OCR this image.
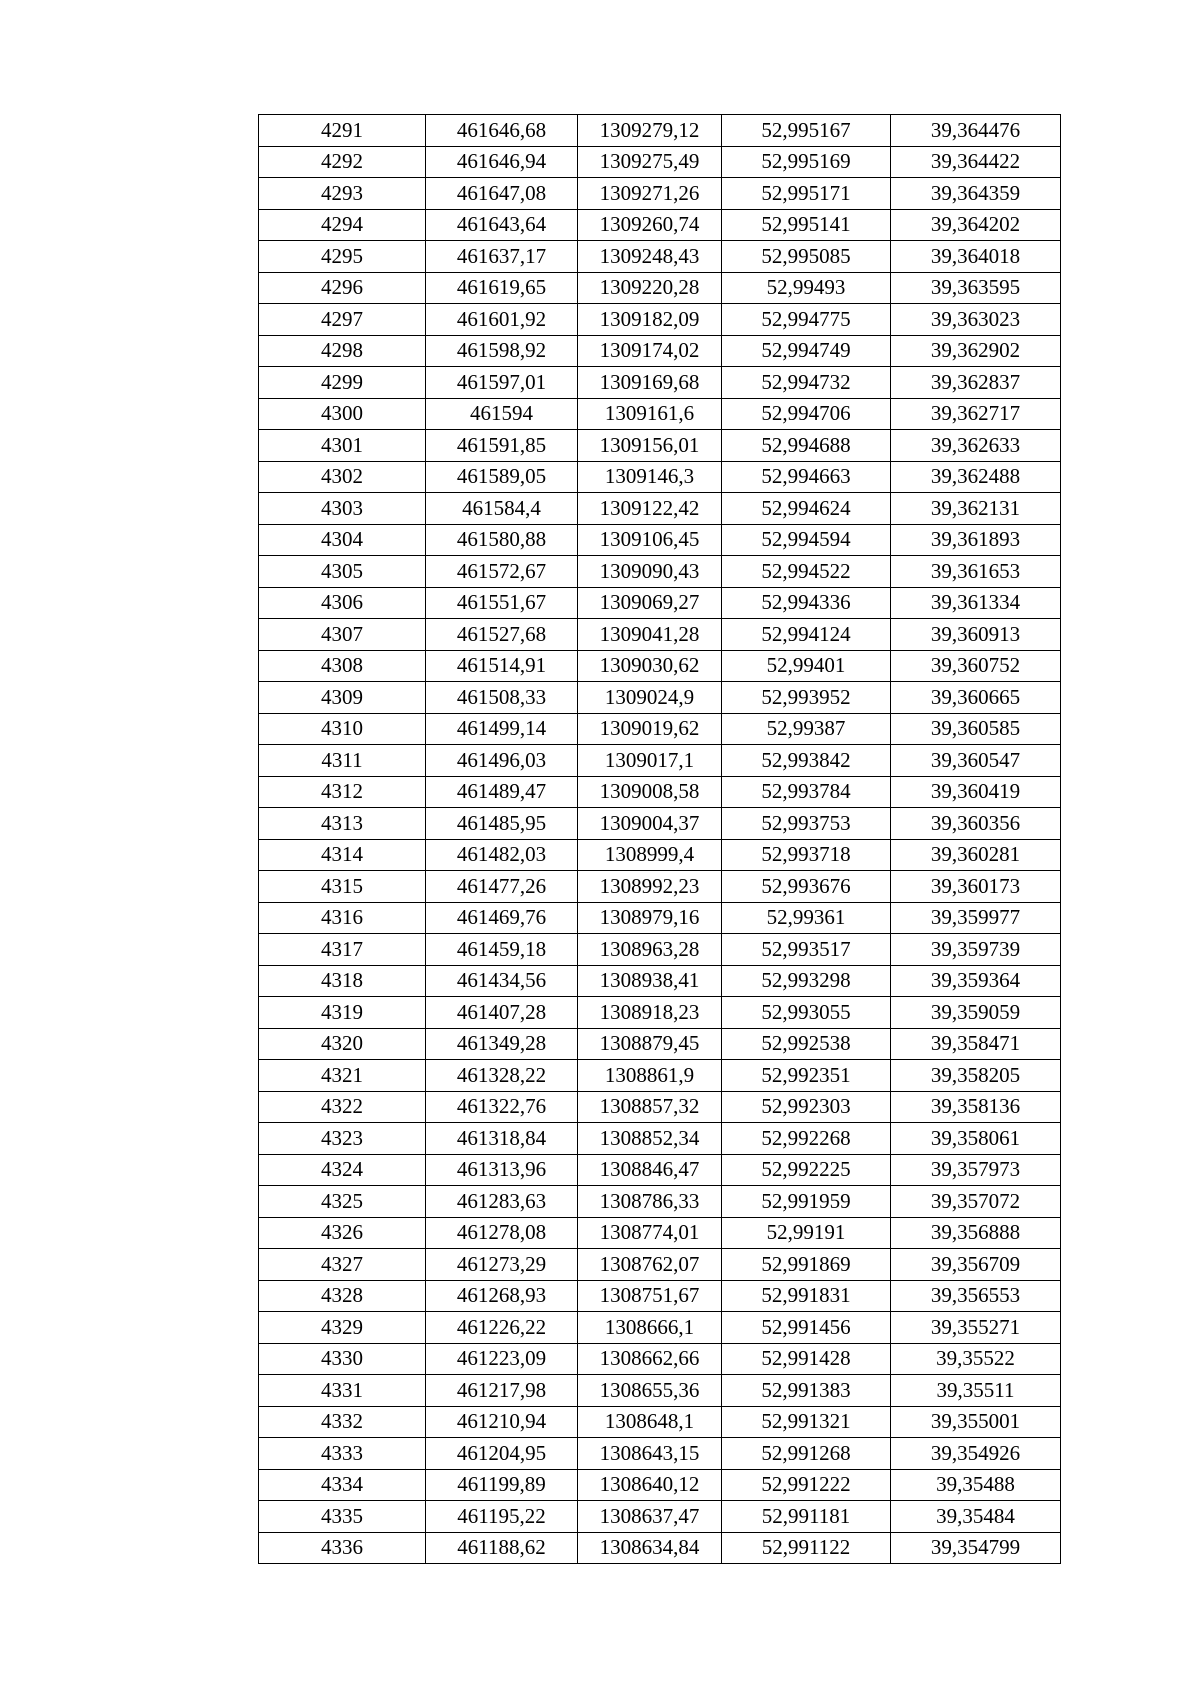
4291	461646,68	1309279,12	52,995167	39,364476
4292	461646,94	1309275,49	52,995169	39,364422
4293	461647,08	1309271,26	52,995171	39,364359
4294	461643,64	1309260,74	52,995141	39,364202
4295	461637,17	1309248,43	52,995085	39,364018
4296	461619,65	1309220,28	52,99493	39,363595
4297	461601,92	1309182,09	52,994775	39,363023
4298	461598,92	1309174,02	52,994749	39,362902
4299	461597,01	1309169,68	52,994732	39,362837
4300	461594	1309161,6	52,994706	39,362717
4301	461591,85	1309156,01	52,994688	39,362633
4302	461589,05	1309146,3	52,994663	39,362488
4303	461584,4	1309122,42	52,994624	39,362131
4304	461580,88	1309106,45	52,994594	39,361893
4305	461572,67	1309090,43	52,994522	39,361653
4306	461551,67	1309069,27	52,994336	39,361334
4307	461527,68	1309041,28	52,994124	39,360913
4308	461514,91	1309030,62	52,99401	39,360752
4309	461508,33	1309024,9	52,993952	39,360665
4310	461499,14	1309019,62	52,99387	39,360585
4311	461496,03	1309017,1	52,993842	39,360547
4312	461489,47	1309008,58	52,993784	39,360419
4313	461485,95	1309004,37	52,993753	39,360356
4314	461482,03	1308999,4	52,993718	39,360281
4315	461477,26	1308992,23	52,993676	39,360173
4316	461469,76	1308979,16	52,99361	39,359977
4317	461459,18	1308963,28	52,993517	39,359739
4318	461434,56	1308938,41	52,993298	39,359364
4319	461407,28	1308918,23	52,993055	39,359059
4320	461349,28	1308879,45	52,992538	39,358471
4321	461328,22	1308861,9	52,992351	39,358205
4322	461322,76	1308857,32	52,992303	39,358136
4323	461318,84	1308852,34	52,992268	39,358061
4324	461313,96	1308846,47	52,992225	39,357973
4325	461283,63	1308786,33	52,991959	39,357072
4326	461278,08	1308774,01	52,99191	39,356888
4327	461273,29	1308762,07	52,991869	39,356709
4328	461268,93	1308751,67	52,991831	39,356553
4329	461226,22	1308666,1	52,991456	39,355271
4330	461223,09	1308662,66	52,991428	39,35522
4331	461217,98	1308655,36	52,991383	39,35511
4332	461210,94	1308648,1	52,991321	39,355001
4333	461204,95	1308643,15	52,991268	39,354926
4334	461199,89	1308640,12	52,991222	39,35488
4335	461195,22	1308637,47	52,991181	39,35484
4336	461188,62	1308634,84	52,991122	39,354799
